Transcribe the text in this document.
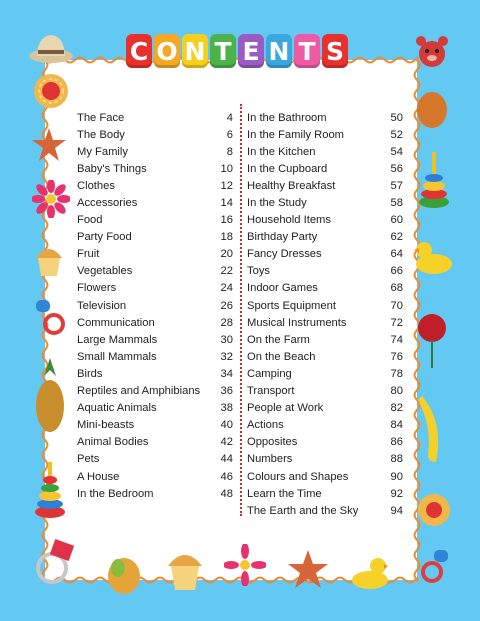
C O N T E N T S
The Face	4
The Body	6
My Family	8
Baby's Things	10
Clothes	12
Accessories	14
Food	16
Party Food	18
Fruit	20
Vegetables	22
Flowers	24
Television	26
Communication	28
Large Mammals	30
Small Mammals	32
Birds	34
Reptiles and Amphibians 36
Aquatic Animals	38
Mini-beasts	40
Animal Bodies	42
Pets	44
A House	46
In the Bedroom	48
In the Bathroom	50
In the Family Room	52
In the Kitchen	54
In the Cupboard	56
Healthy Breakfast	57
In the Study	58
Household Items	60
Birthday Party	62
Fancy Dresses	64
Toys	66
Indoor Games	68
Sports Equipment	70
Musical Instruments	72
On the Farm	74
On the Beach	76
Camping	78
Transport	80
People at Work	82
Actions	84
Opposites	86
Numbers	88
Colours and Shapes	90
Learn the Time	92
The Earth and the Sky	94
